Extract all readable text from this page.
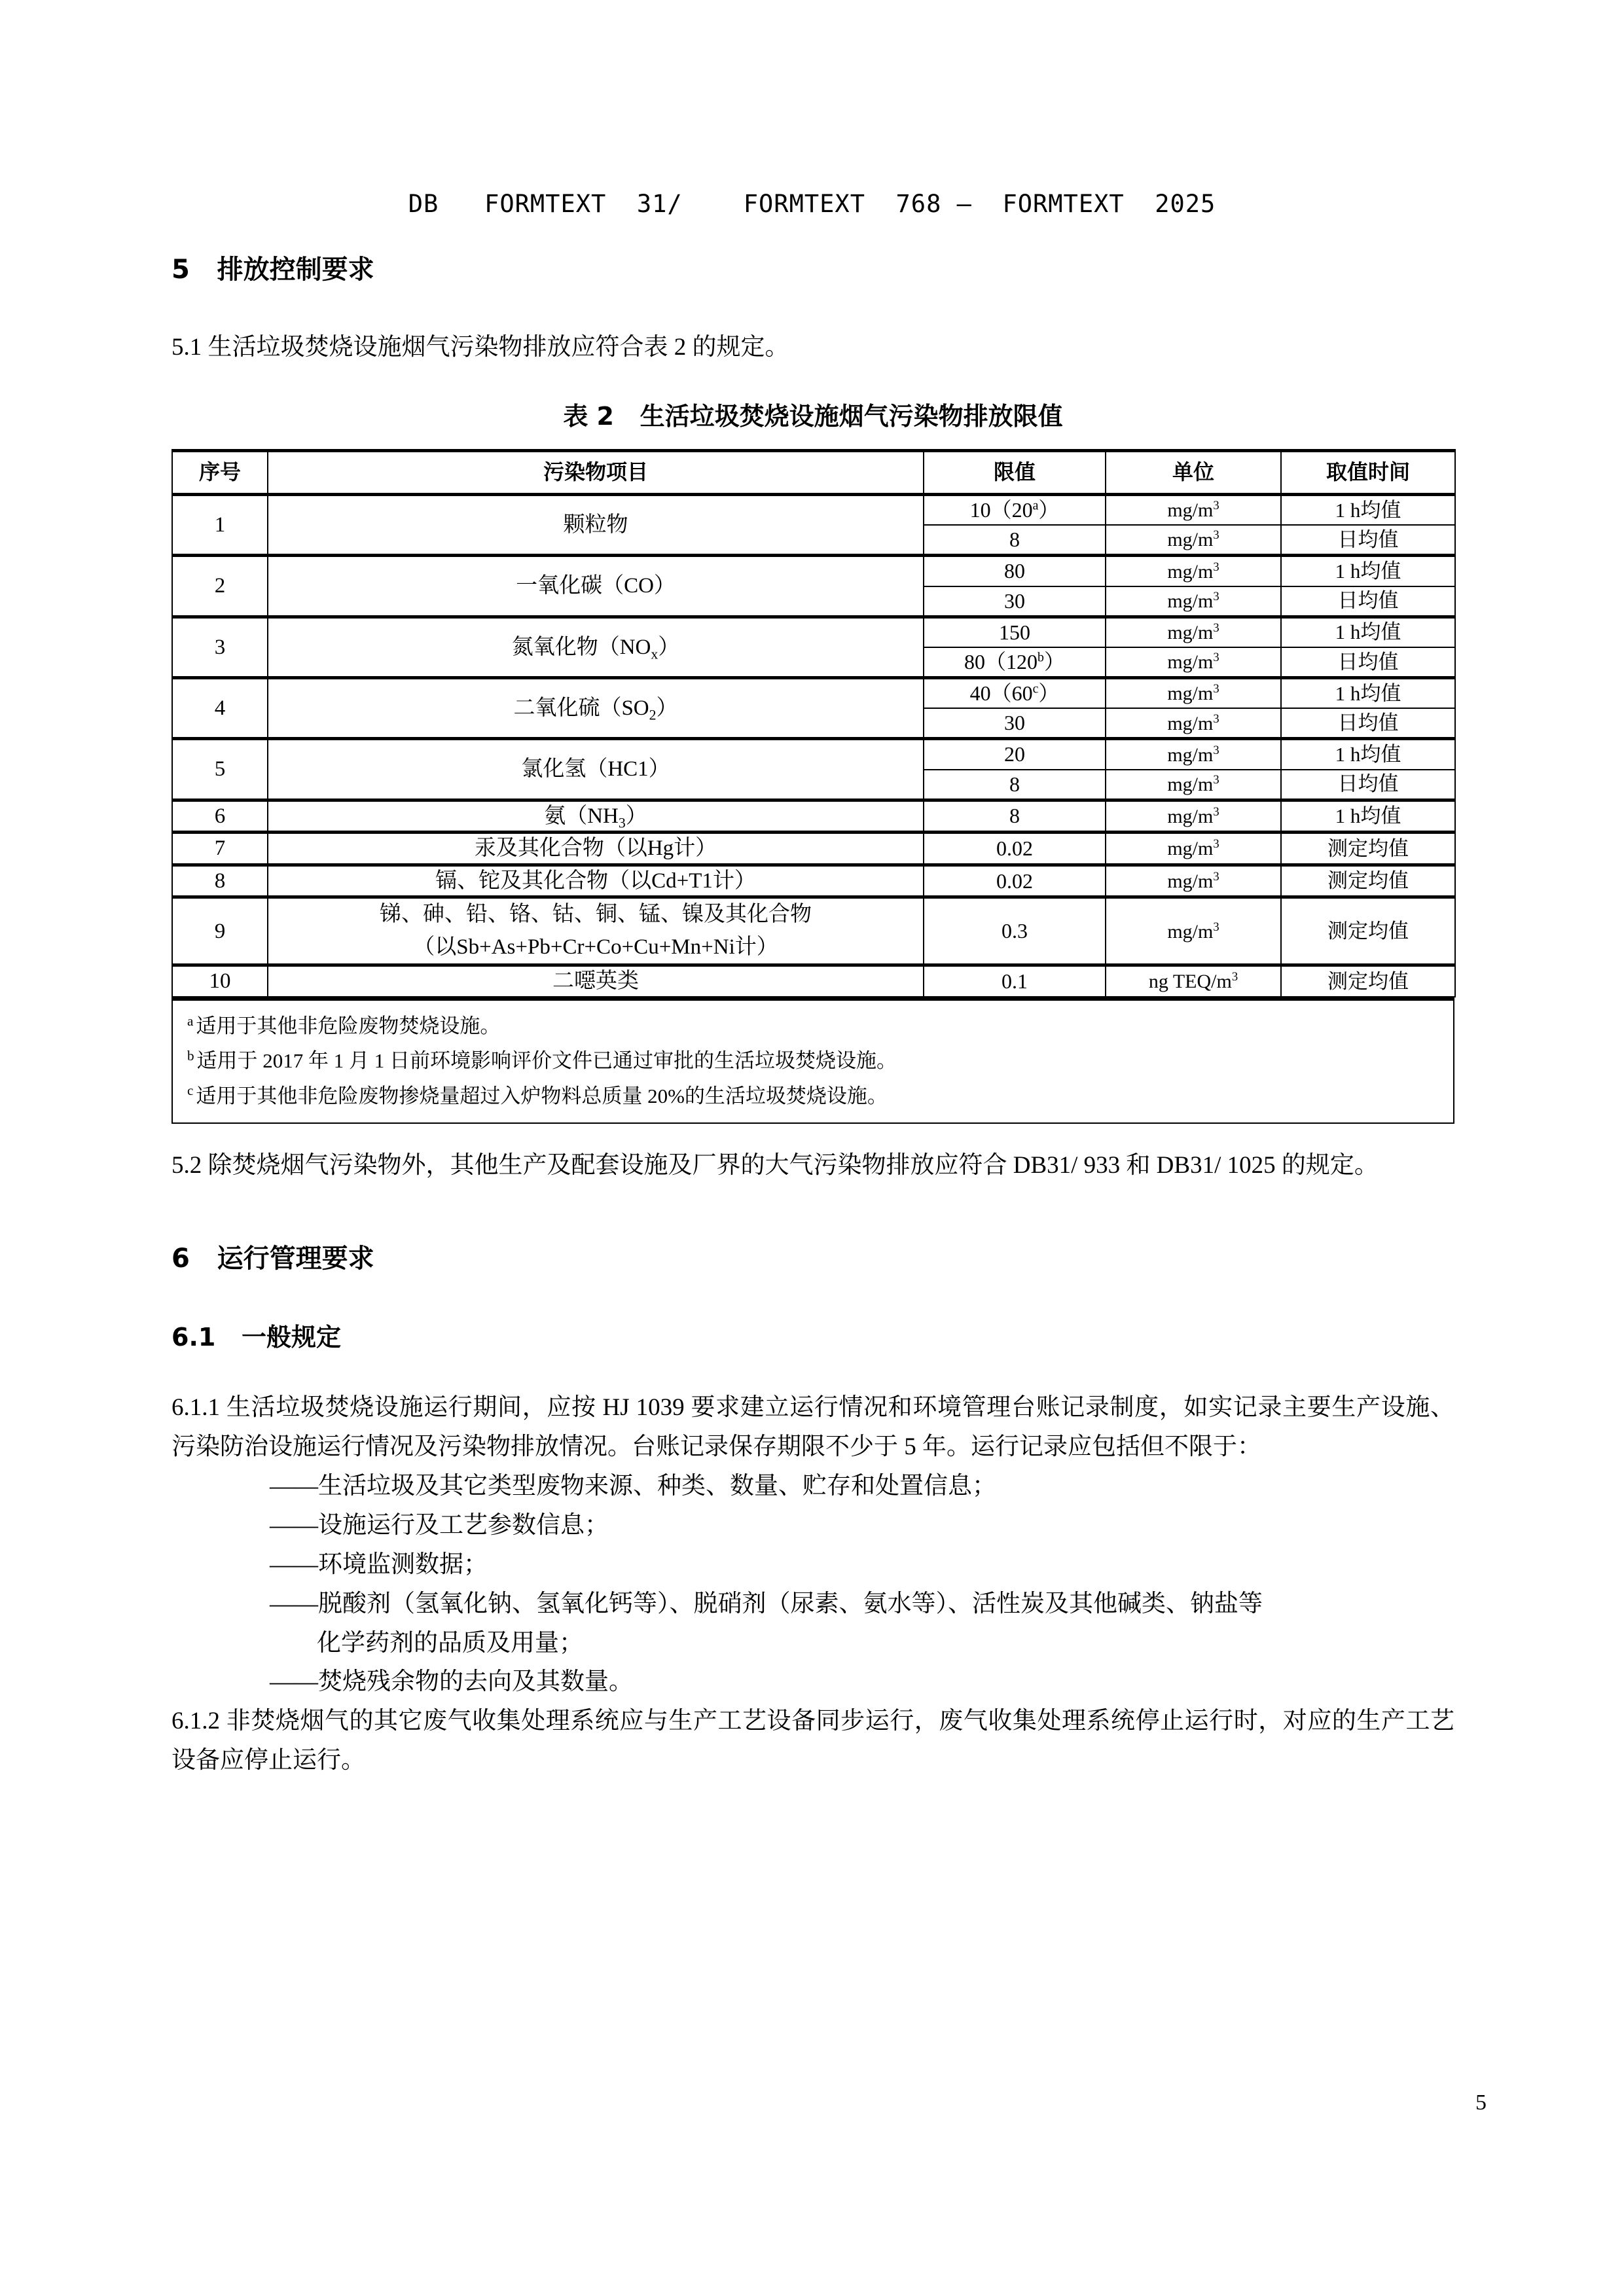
DB   FORMTEXT  31/    FORMTEXT  768 —  FORMTEXT  2025
5   排放控制要求

5.1 生活垃圾焚烧设施烟气污染物排放应符合表 2 的规定。

表 2   生活垃圾焚烧设施烟气污染物排放限值
序号	污染物项目	限值	单位	取值时间
1	颗粒物	10（20$^a$）	mg/m$^3$	1 h均值
		8	mg/m$^3$	日均值
2	一氧化碳（CO）	80	mg/m$^3$	1 h均值
		30	mg/m$^3$	日均值
3	氮氧化物$(NO_x)$	150	mg/m$^3$	1 h均值
		80（120$^b$）	mg/m$^3$	日均值
4	二氧化硫$(SO_2)$	40（60$^c$）	mg/m$^3$	1 h均值
		30	mg/m$^3$	日均值
5	氯化氢（HC1）	20	mg/m$^3$	1 h均值
		8	mg/m$^3$	日均值
6	氨$(NH_3)$	8	mg/m$^3$	1 h均值
7	汞及其化合物（以Hg计）	0.02	mg/m$^3$	测定均值
8	镉、铊及其化合物（以Cd+T1计）	0.02	mg/m$^3$	测定均值
9	锑、砷、铅、铬、钴、铜、锰、镍及其化合物
（以Sb+As+Pb+Cr+Co+Cu+Mn+Ni计）	0.3	mg/m$^3$	测定均值
10	二噁英类	0.1	ng TEQ/m$^3$	测定均值
$^a$ 适用于其他非危险废物焚烧设施。
$^b$ 适用于 2017 年 1 月 1 日前环境影响评价文件已通过审批的生活垃圾焚烧设施。
$^c$ 适用于其他非危险废物掺烧量超过入炉物料总质量 20%的生活垃圾焚烧设施。

5.2 除焚烧烟气污染物外，其他生产及配套设施及厂界的大气污染物排放应符合 DB31/ 933 和 DB31/ 1025 的规定。

6   运行管理要求
6.1   一般规定

6.1.1 生活垃圾焚烧设施运行期间，应按 HJ 1039 要求建立运行情况和环境管理台账记录制度，如实记录主要生产设施、污染防治设施运行情况及污染物排放情况。台账记录保存期限不少于 5 年。运行记录应包括但不限于：

——生活垃圾及其它类型废物来源、种类、数量、贮存和处置信息；

——设施运行及工艺参数信息；

——环境监测数据；

——脱酸剂（氢氧化钠、氢氧化钙等）、脱硝剂（尿素、氨水等）、活性炭及其他碱类、钠盐等
化学药剂的品质及用量；

——焚烧残余物的去向及其数量。

6.1.2 非焚烧烟气的其它废气收集处理系统应与生产工艺设备同步运行，废气收集处理系统停止运行时，对应的生产工艺设备应停止运行。

5
